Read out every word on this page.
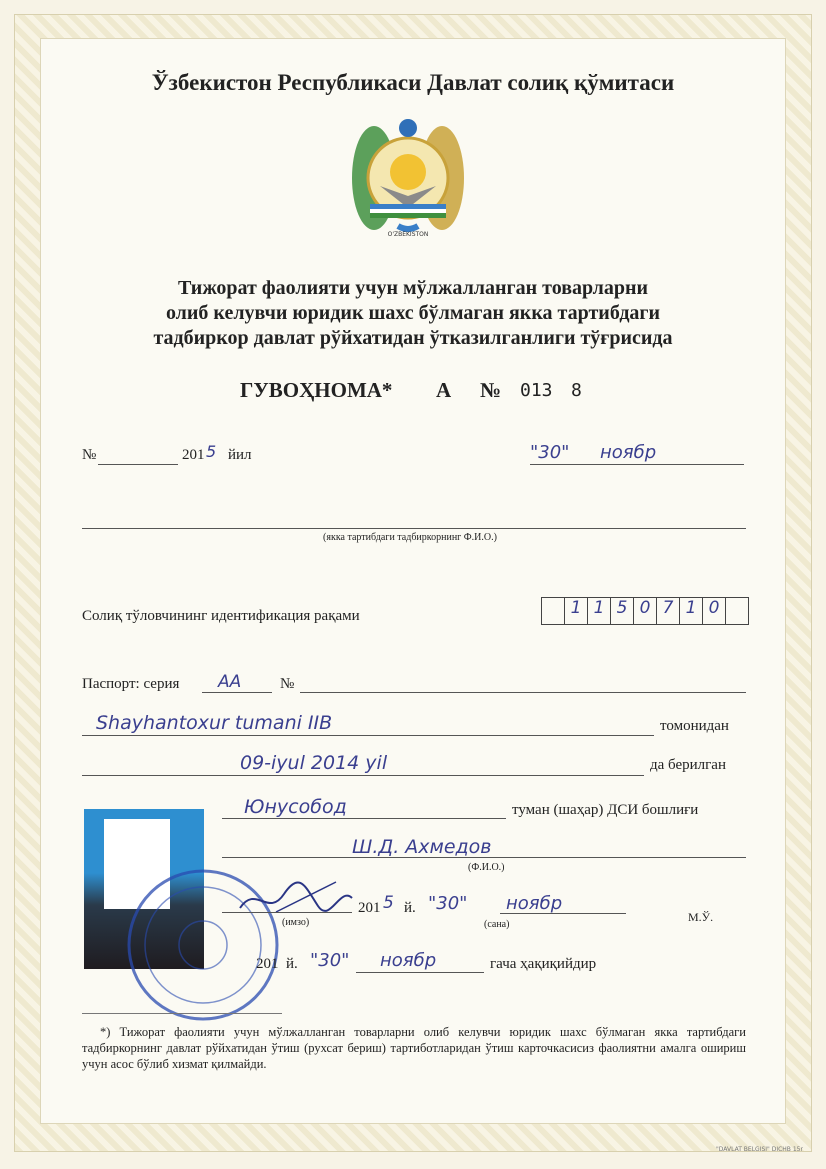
Ўзбекистон Республикаси Давлат солиқ қўмитаси
O'ZBEKISTON
Тижорат фаолияти учун мўлжалланган товарларни
олиб келувчи юридик шахс бўлмаган якка тартибдаги
тадбиркор давлат рўйхатидан ўтказилганлиги тўғрисида
ГУВОҲНОМА* А № 013 8
№	201 5 йил	"30" ноябр
(якка тартибдаги тадбиркорнинг Ф.И.О.)
Солиқ тўловчининг идентификация рақами	1 1 5 0 7 1 0
Паспорт: серия АА	№
Shayhantoxur tumani IIB	томонидан
09-iyul 2014 yil	да берилган
Юнусобод	туман (шаҳар) ДСИ бошлиғи
Ш.Д. Ахмедов
(Ф.И.О.)
(имзо)
201 5 й. "30" ноябр
(сана)
М.Ў.
201 й. "30" ноябр	гача ҳақиқийдир
*) Тижорат фаолияти учун мўлжалланган товарларни олиб келувчи юридик шахс бўлмаган якка тартибдаги тадбиркорнинг давлат рўйхатидан ўтиш (рухсат бериш) тартиботларидан ўтиш карточкасисиз фаолиятни амалга ошириш учун асос бўлиб хизмат қилмайди.
"DAVLAT BELGISI" DICHB 15r
